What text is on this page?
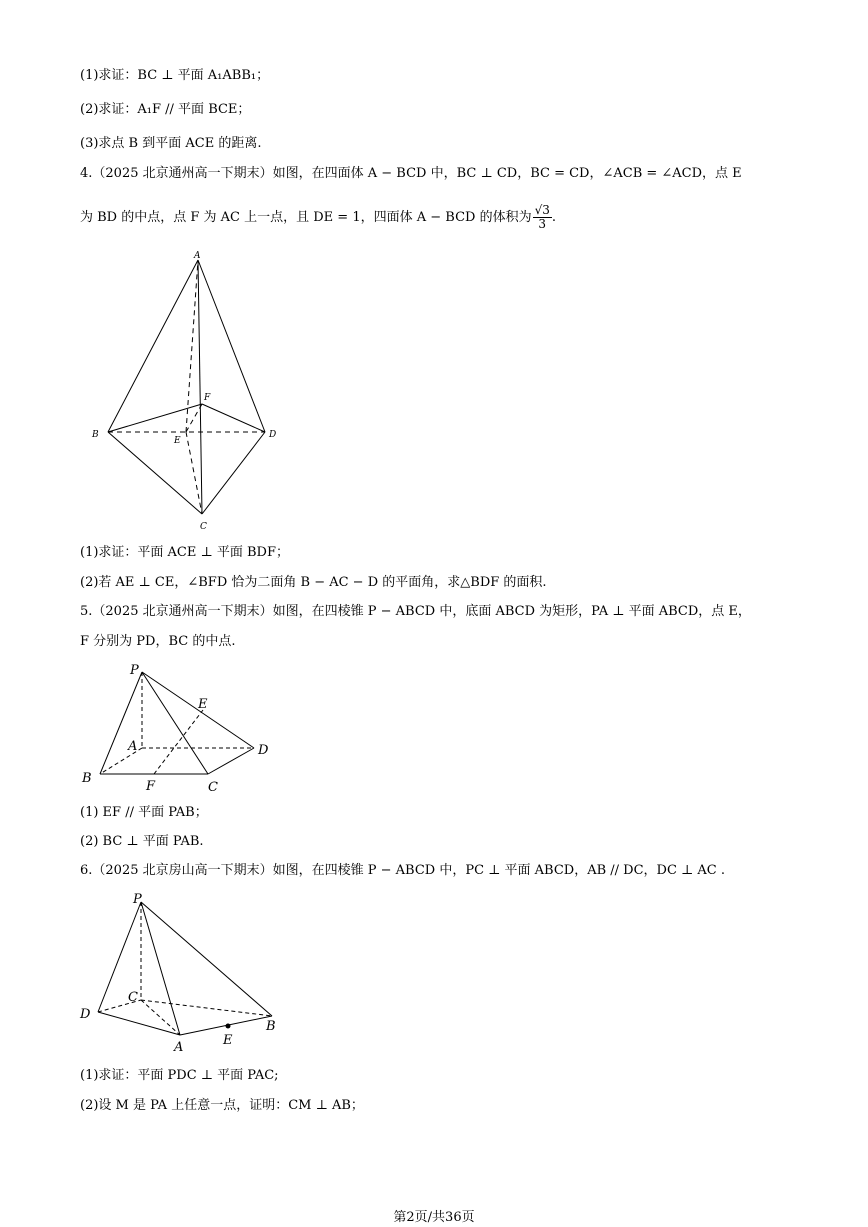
(1)求证：BC ⊥ 平面 A₁ABB₁；
(2)求证：A₁F // 平面 BCE；
(3)求点 B 到平面 ACE 的距离.
4.（2025 北京通州高一下期末）如图，在四面体 A − BCD 中，BC ⊥ CD，BC = CD，∠ACB = ∠ACD，点 E
为 BD 的中点，点 F 为 AC 上一点，且 DE = 1，四面体 A − BCD 的体积为 $\frac{√3}{3}$ .
A
B
C
D
E
F
(1)求证：平面 ACE ⊥ 平面 BDF；
(2)若 AE ⊥ CE，∠BFD 恰为二面角 B − AC − D 的平面角，求△BDF 的面积.
5.（2025 北京通州高一下期末）如图，在四棱锥 P − ABCD 中，底面 ABCD 为矩形，PA ⊥ 平面 ABCD，点 E，
F 分别为 PD，BC 的中点.
P
A
B
C
D
E
F
(1) EF // 平面 PAB；
(2) BC ⊥ 平面 PAB.
6.（2025 北京房山高一下期末）如图，在四棱锥 P − ABCD 中，PC ⊥ 平面 ABCD，AB // DC，DC ⊥ AC .
P
C
D
A
B
E
(1)求证：平面 PDC ⊥ 平面 PAC;
(2)设 M 是 PA 上任意一点，证明：CM ⊥ AB；
第2页/共36页
